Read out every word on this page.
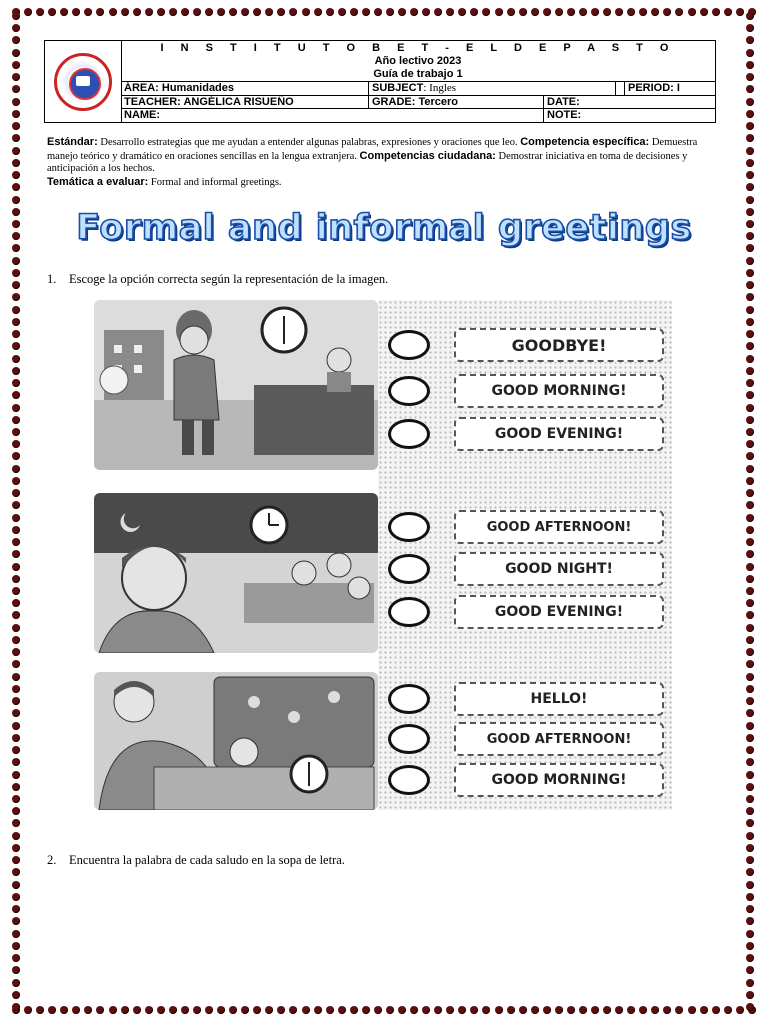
I N S T I T U T O B E T - E L D E P A S T O
Año lectivo 2023
Guía de trabajo 1
ÁREA: Humanidades	SUBJECT: Ingles	PERIOD: I
TEACHER: ANGÉLICA RISUEÑO	GRADE: Tercero	DATE:
NAME:	NOTE:
Estándar: Desarrollo estrategias que me ayudan a entender algunas palabras, expresiones y oraciones que leo. Competencia específica: Demuestra manejo teórico y dramático en oraciones sencillas en la lengua extranjera. Competencias ciudadana: Demostrar iniciativa en toma de decisiones y anticipación a los hechos.
Temática a evaluar: Formal and informal greetings.
Formal and informal greetings
1. Escoge la opción correcta según la representación de la imagen.
GOODBYE!
GOOD MORNING!
GOOD EVENING!
GOOD AFTERNOON!
GOOD NIGHT!
GOOD EVENING!
HELLO!
GOOD AFTERNOON!
GOOD MORNING!
2. Encuentra la palabra de cada saludo en la sopa de letra.
